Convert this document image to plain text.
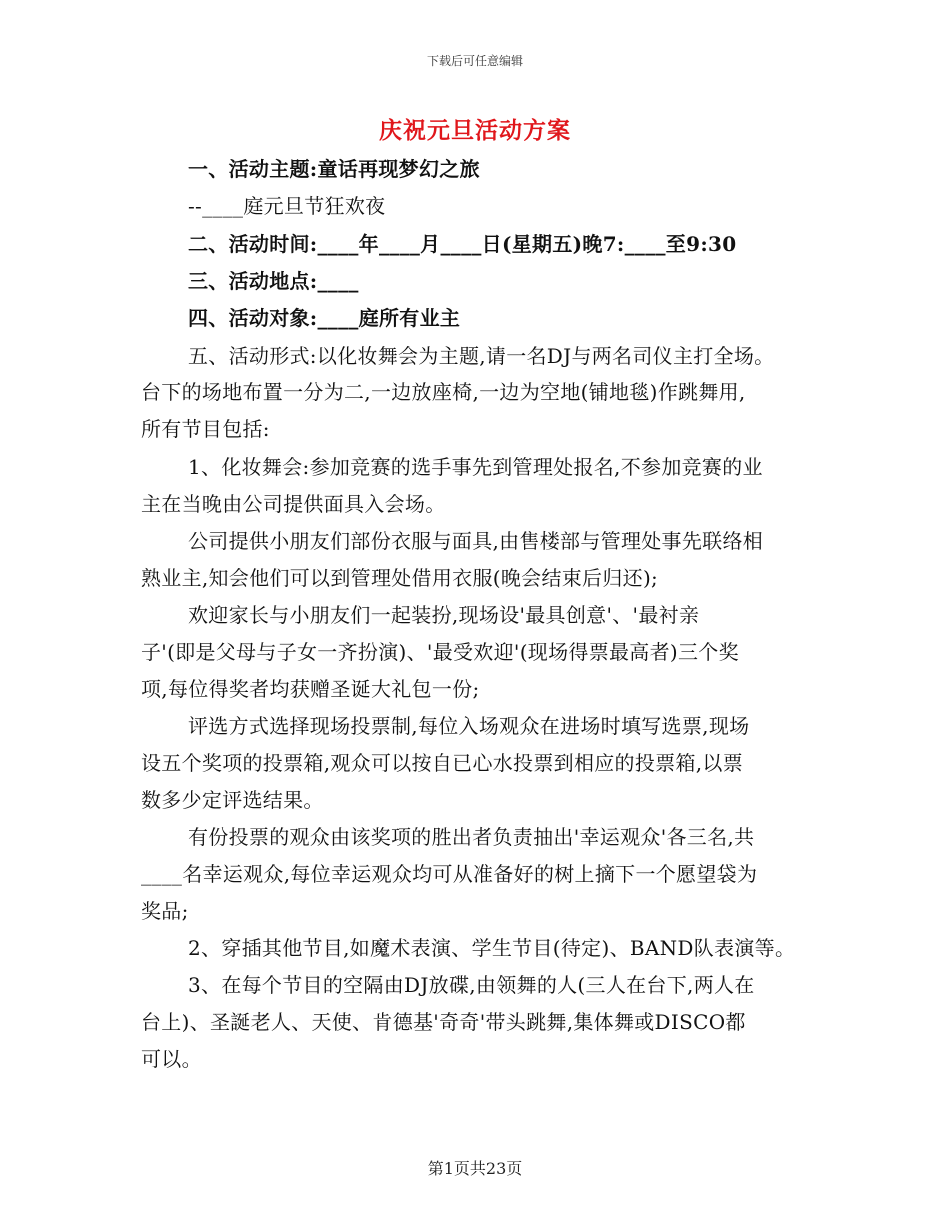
下载后可任意编辑
庆祝元旦活动方案
一、活动主题:童话再现梦幻之旅
--____庭元旦节狂欢夜
二、活动时间:____年____月____日(星期五)晚7:____至9:30
三、活动地点:____
四、活动对象:____庭所有业主
五、活动形式:以化妆舞会为主题,请一名DJ与两名司仪主打全场。
台下的场地布置一分为二,一边放座椅,一边为空地(铺地毯)作跳舞用,
所有节目包括:
1、化妆舞会:参加竞赛的选手事先到管理处报名,不参加竞赛的业
主在当晚由公司提供面具入会场。
公司提供小朋友们部份衣服与面具,由售楼部与管理处事先联络相
熟业主,知会他们可以到管理处借用衣服(晚会结束后归还);
欢迎家长与小朋友们一起装扮,现场设'最具创意'、'最衬亲
子'(即是父母与子女一齐扮演)、'最受欢迎'(现场得票最高者)三个奖
项,每位得奖者均获赠圣诞大礼包一份;
评选方式选择现场投票制,每位入场观众在进场时填写选票,现场
设五个奖项的投票箱,观众可以按自已心水投票到相应的投票箱,以票
数多少定评选结果。
有份投票的观众由该奖项的胜出者负责抽出'幸运观众'各三名,共
____名幸运观众,每位幸运观众均可从准备好的树上摘下一个愿望袋为
奖品;
2、穿插其他节目,如魔术表演、学生节目(待定)、BAND队表演等。
3、在每个节目的空隔由DJ放碟,由领舞的人(三人在台下,两人在
台上)、圣誕老人、天使、肯德基'奇奇'带头跳舞,集体舞或DISCO都
可以。
第1页共23页
